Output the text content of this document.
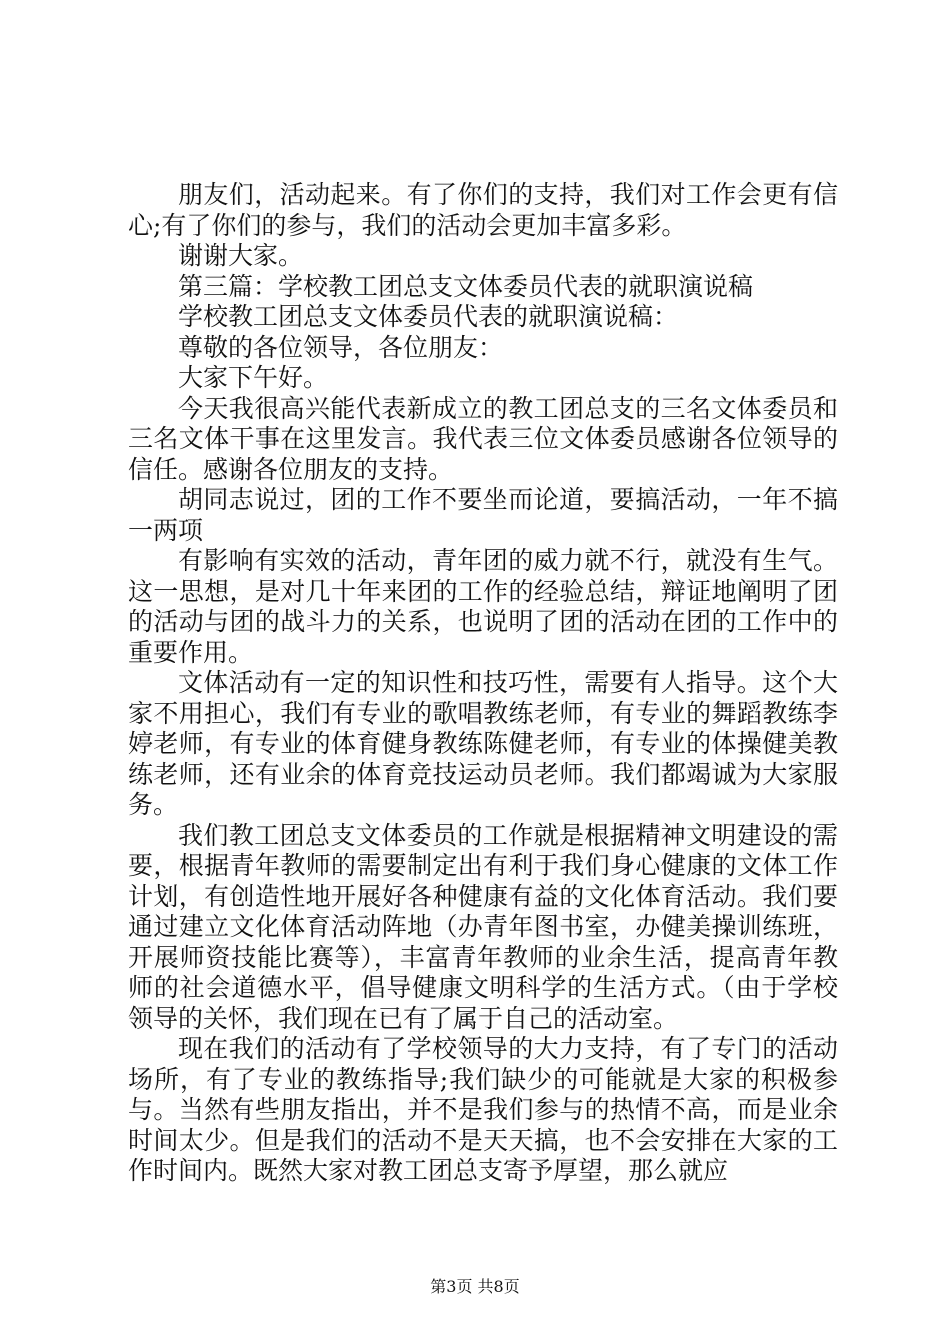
朋友们，活动起来。有了你们的支持，我们对工作会更有信心;有了你们的参与，我们的活动会更加丰富多彩。

谢谢大家。

第三篇：学校教工团总支文体委员代表的就职演说稿

学校教工团总支文体委员代表的就职演说稿：

尊敬的各位领导，各位朋友：

大家下午好。

今天我很高兴能代表新成立的教工团总支的三名文体委员和三名文体干事在这里发言。我代表三位文体委员感谢各位领导的信任。感谢各位朋友的支持。

胡同志说过，团的工作不要坐而论道，要搞活动，一年不搞一两项

有影响有实效的活动，青年团的威力就不行，就没有生气。这一思想，是对几十年来团的工作的经验总结，辩证地阐明了团的活动与团的战斗力的关系，也说明了团的活动在团的工作中的重要作用。

文体活动有一定的知识性和技巧性，需要有人指导。这个大家不用担心，我们有专业的歌唱教练老师，有专业的舞蹈教练李婷老师，有专业的体育健身教练陈健老师，有专业的体操健美教练老师，还有业余的体育竞技运动员老师。我们都竭诚为大家服务。

我们教工团总支文体委员的工作就是根据精神文明建设的需要，根据青年教师的需要制定出有利于我们身心健康的文体工作计划，有创造性地开展好各种健康有益的文化体育活动。我们要通过建立文化体育活动阵地（办青年图书室，办健美操训练班，开展师资技能比赛等），丰富青年教师的业余生活，提高青年教师的社会道德水平，倡导健康文明科学的生活方式。（由于学校领导的关怀，我们现在已有了属于自己的活动室。

现在我们的活动有了学校领导的大力支持，有了专门的活动场所，有了专业的教练指导;我们缺少的可能就是大家的积极参与。当然有些朋友指出，并不是我们参与的热情不高，而是业余时间太少。但是我们的活动不是天天搞，也不会安排在大家的工作时间内。既然大家对教工团总支寄予厚望，那么就应

第3页 共8页
